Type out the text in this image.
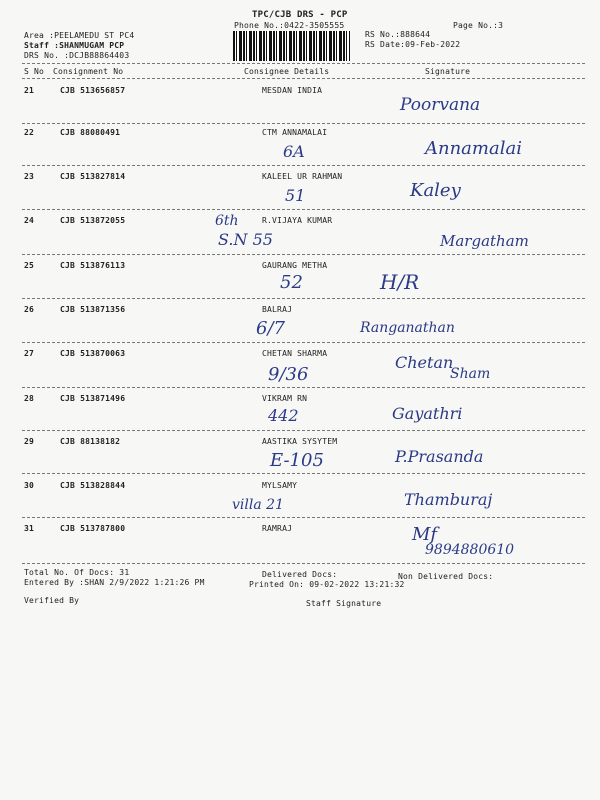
TPC/CJB DRS - PCP
Phone No.:0422-3505555	Page No.:3
RS No.:888644
RS Date:09-Feb-2022
Area :PEELAMEDU ST PC4
Staff :SHANMUGAM PCP
DRS No. :DCJB88864403
S No Consignment No	Consignee Details	Signature
21	CJB 513656857	MESDAN INDIA
Poorvana
22	CJB 88080491	CTM ANNAMALAI
6A	Annamalai
23	CJB 513827814	KALEEL UR RAHMAN
51	Kaley
24	CJB 513872055	R.VIJAYA KUMAR
6th
S.N 55	Margatham
25	CJB 513876113	GAURANG METHA
52	H/R
26	CJB 513871356	BALRAJ
6/7	Ranganathan
27	CJB 513870063	CHETAN SHARMA
9/36
Chetan
Sham
28	CJB 513871496	VIKRAM RN
442	Gayathri
29	CJB 88138182	AASTIKA SYSYTEM
E-105	P.Prasanda
30	CJB 513828844	MYLSAMY
villa 21	Thamburaj
31	CJB 513787800	RAMRAJ	Mf
9894880610
Total No. Of Docs: 31	Delivered Docs:	Non Delivered Docs:
Entered By :SHAN 2/9/2022 1:21:26 PM	Printed On: 09-02-2022 13:21:32
Verified By	Staff Signature
